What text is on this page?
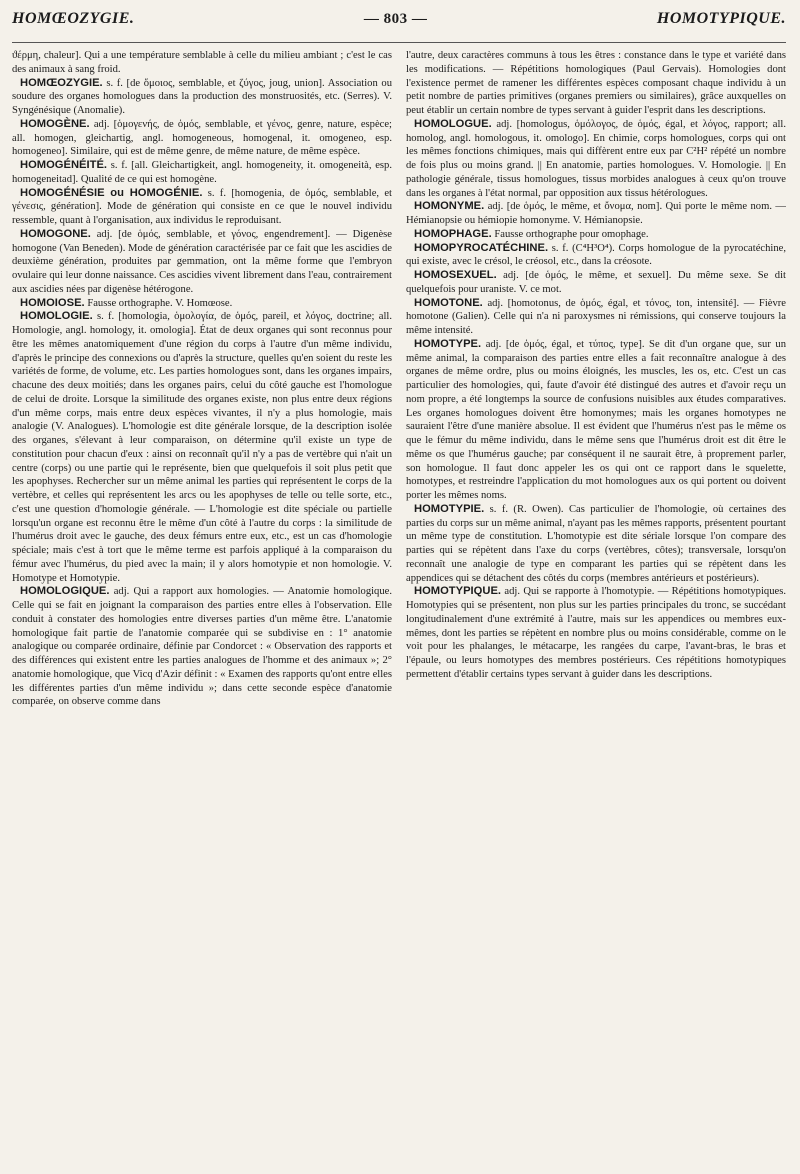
HOMŒOZYGIE.	— 803 —	HOMOTYPIQUE.

ϑέρμη, chaleur]. Qui a une température semblable à celle du milieu ambiant ; c'est le cas des animaux à sang froid.

HOMŒOZYGIE. s. f. [de ὅμοιος, semblable, et ζύγος, joug, union]. Association ou soudure des organes homologues dans la production des monstruosités, etc. (Serres). V. Syngénésique (Anomalie).

HOMOGÈNE. adj. [ὁμογενής, de ὁμός, semblable, et γένος, genre, nature, espèce; all. homogen, gleichartig, angl. homogeneous, homogenal, it. omogeneo, esp. homogeneo]. Similaire, qui est de même genre, de même nature, de même espèce.

HOMOGÉNÉITÉ. s. f. [all. Gleichartigkeit, angl. homogeneity, it. omogeneità, esp. homogeneitad]. Qualité de ce qui est homogène.

HOMOGÉNÉSIE ou HOMOGÉNIE. s. f. [homogenia, de ὁμός, semblable, et γένεσις, génération]. Mode de génération qui consiste en ce que le nouvel individu ressemble, quant à l'organisation, aux individus le reproduisant.

HOMOGONE. adj. [de ὁμός, semblable, et γόνος, engendrement]. — Digenèse homogone (Van Beneden). Mode de génération caractérisée par ce fait que les ascidies de deuxième génération, produites par gemmation, ont la même forme que l'embryon ovulaire qui leur donne naissance. Ces ascidies vivent librement dans l'eau, contrairement aux ascidies nées par digenèse hétérogone.

HOMOIOSE. Fausse orthographe. V. Homœose.

HOMOLOGIE. s. f. [homologia, ὁμολογία, de ὁμός, pareil, et λόγος, doctrine; all. Homologie, angl. homology, it. omologia]. État de deux organes qui sont reconnus pour être les mêmes anatomiquement d'une région du corps à l'autre d'un même individu, d'après le principe des connexions ou d'après la structure, quelles qu'en soient du reste les variétés de forme, de volume, etc. Les parties homologues sont, dans les organes impairs, chacune des deux moitiés; dans les organes pairs, celui du côté gauche est l'homologue de celui de droite. Lorsque la similitude des organes existe, non plus entre deux régions d'un même corps, mais entre deux espèces vivantes, il n'y a plus homologie, mais analogie (V. Analogues). L'homologie est dite générale lorsque, de la description isolée des organes, s'élevant à leur comparaison, on détermine qu'il existe un type de constitution pour chacun d'eux : ainsi on reconnaît qu'il n'y a pas de vertèbre qui n'ait un centre (corps) ou une partie qui le représente, bien que quelquefois il soit plus petit que les apophyses. Rechercher sur un même animal les parties qui représentent le corps de la vertèbre, et celles qui représentent les arcs ou les apophyses de telle ou telle sorte, etc., c'est une question d'homologie générale. — L'homologie est dite spéciale ou partielle lorsqu'un organe est reconnu être le même d'un côté à l'autre du corps : la similitude de l'humérus droit avec le gauche, des deux fémurs entre eux, etc., est un cas d'homologie spéciale; mais c'est à tort que le même terme est parfois appliqué à la comparaison du fémur avec l'humérus, du pied avec la main; il y alors homotypie et non homologie. V. Homotype et Homotypie.

HOMOLOGIQUE. adj. Qui a rapport aux homologies. — Anatomie homologique. Celle qui se fait en joignant la comparaison des parties entre elles à l'observation. Elle conduit à constater des homologies entre diverses parties d'un même être. L'anatomie homologique fait partie de l'anatomie comparée qui se subdivise en : 1° anatomie analogique ou comparée ordinaire, définie par Condorcet : « Observation des rapports et des différences qui existent entre les parties analogues de l'homme et des animaux »; 2° anatomie homologique, que Vicq d'Azir définit : « Examen des rapports qu'ont entre elles les différentes parties d'un même individu »; dans cette seconde espèce d'anatomie comparée, on observe comme dans

l'autre, deux caractères communs à tous les êtres : constance dans le type et variété dans les modifications. — Répétitions homologiques (Paul Gervais). Homologies dont l'existence permet de ramener les différentes espèces composant chaque individu à un petit nombre de parties primitives (organes premiers ou similaires), grâce auxquelles on peut établir un certain nombre de types servant à guider l'esprit dans les descriptions.

HOMOLOGUE. adj. [homologus, ὁμόλογος, de ὁμός, égal, et λόγος, rapport; all. homolog, angl. homologous, it. omologo]. En chimie, corps homologues, corps qui ont les mêmes fonctions chimiques, mais qui diffèrent entre eux par C²H² répété un nombre de fois plus ou moins grand. || En anatomie, parties homologues. V. Homologie. || En pathologie générale, tissus homologues, tissus morbides analogues à ceux qu'on trouve dans les organes à l'état normal, par opposition aux tissus hétérologues.

HOMONYME. adj. [de ὁμός, le même, et ὄνομα, nom]. Qui porte le même nom. — Hémianopsie ou hémiopie homonyme. V. Hémianopsie.

HOMOPHAGE. Fausse orthographe pour omophage.

HOMOPYROCATÉCHINE. s. f. (C⁴H³O⁴). Corps homologue de la pyrocatéchine, qui existe, avec le crésol, le créosol, etc., dans la créosote.

HOMOSEXUEL. adj. [de ὁμός, le même, et sexuel]. Du même sexe. Se dit quelquefois pour uraniste. V. ce mot.

HOMOTONE. adj. [homotonus, de ὁμός, égal, et τόνος, ton, intensité]. — Fièvre homotone (Galien). Celle qui n'a ni paroxysmes ni rémissions, qui conserve toujours la même intensité.

HOMOTYPE. adj. [de ὁμός, égal, et τύπος, type]. Se dit d'un organe que, sur un même animal, la comparaison des parties entre elles a fait reconnaître analogue à des organes de même ordre, plus ou moins éloignés, les muscles, les os, etc. C'est un cas particulier des homologies, qui, faute d'avoir été distingué des autres et d'avoir reçu un nom propre, a été longtemps la source de confusions nuisibles aux études comparatives. Les organes homologues doivent être homonymes; mais les organes homotypes ne sauraient l'être d'une manière absolue. Il est évident que l'humérus n'est pas le même os que le fémur du même individu, dans le même sens que l'humérus droit est dit être le même os que l'humérus gauche; par conséquent il ne saurait être, à proprement parler, son homologue. Il faut donc appeler les os qui ont ce rapport dans le squelette, homotypes, et restreindre l'application du mot homologues aux os qui portent ou doivent porter les mêmes noms.

HOMOTYPIE. s. f. (R. Owen). Cas particulier de l'homologie, où certaines des parties du corps sur un même animal, n'ayant pas les mêmes rapports, présentent pourtant un même type de constitution. L'homotypie est dite sériale lorsque l'on compare des parties qui se répètent dans l'axe du corps (vertèbres, côtes); transversale, lorsqu'on reconnaît une analogie de type en comparant les parties qui se répètent dans les appendices qui se détachent des côtés du corps (membres antérieurs et postérieurs).

HOMOTYPIQUE. adj. Qui se rapporte à l'homotypie. — Répétitions homotypiques. Homotypies qui se présentent, non plus sur les parties principales du tronc, se succédant longitudinalement d'une extrémité à l'autre, mais sur les appendices ou membres eux-mêmes, dont les parties se répètent en nombre plus ou moins considérable, comme on le voit pour les phalanges, le métacarpe, les rangées du carpe, l'avant-bras, le bras et l'épaule, ou leurs homotypes des membres postérieurs. Ces répétitions homotypiques permettent d'établir certains types servant à guider dans les descriptions.
